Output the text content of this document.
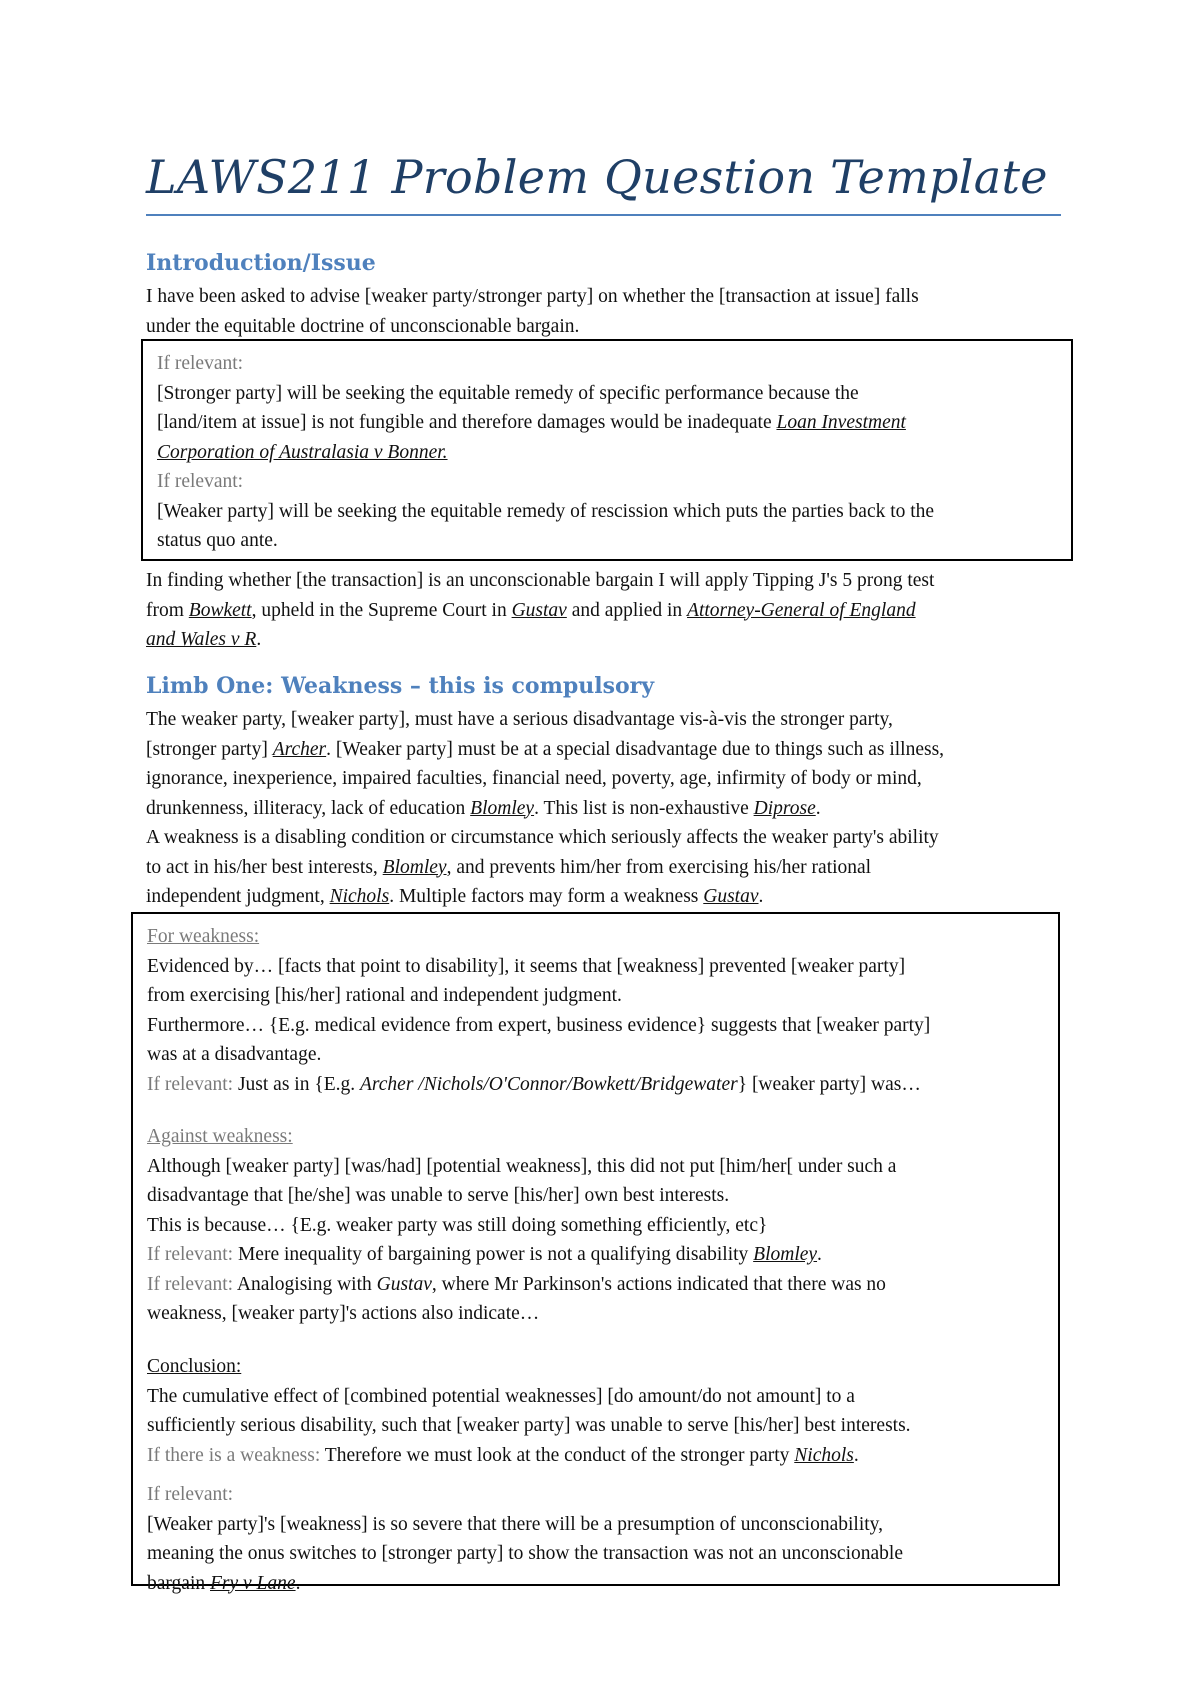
LAWS211 Problem Question Template
Introduction/Issue
I have been asked to advise [weaker party/stronger party] on whether the [transaction at issue] falls
under the equitable doctrine of unconscionable bargain.
If relevant:
[Stronger party] will be seeking the equitable remedy of specific performance because the
[land/item at issue] is not fungible and therefore damages would be inadequate Loan Investment
Corporation of Australasia v Bonner.
If relevant:
[Weaker party] will be seeking the equitable remedy of rescission which puts the parties back to the
status quo ante.
In finding whether [the transaction] is an unconscionable bargain I will apply Tipping J's 5 prong test
from Bowkett, upheld in the Supreme Court in Gustav and applied in Attorney-General of England
and Wales v R.
Limb One: Weakness – this is compulsory
The weaker party, [weaker party], must have a serious disadvantage vis-à-vis the stronger party,
[stronger party] Archer. [Weaker party] must be at a special disadvantage due to things such as illness,
ignorance, inexperience, impaired faculties, financial need, poverty, age, infirmity of body or mind,
drunkenness, illiteracy, lack of education Blomley. This list is non-exhaustive Diprose.
A weakness is a disabling condition or circumstance which seriously affects the weaker party's ability
to act in his/her best interests, Blomley, and prevents him/her from exercising his/her rational
independent judgment, Nichols. Multiple factors may form a weakness Gustav.
For weakness:
Evidenced by… [facts that point to disability], it seems that [weakness] prevented [weaker party]
from exercising [his/her] rational and independent judgment.
Furthermore… {E.g. medical evidence from expert, business evidence} suggests that [weaker party]
was at a disadvantage.
If relevant: Just as in {E.g. Archer /Nichols/O'Connor/Bowkett/Bridgewater} [weaker party] was…
Against weakness:
Although [weaker party] [was/had] [potential weakness], this did not put [him/her[ under such a
disadvantage that [he/she] was unable to serve [his/her] own best interests.
This is because… {E.g. weaker party was still doing something efficiently, etc}
If relevant: Mere inequality of bargaining power is not a qualifying disability Blomley.
If relevant: Analogising with Gustav, where Mr Parkinson's actions indicated that there was no
weakness, [weaker party]'s actions also indicate…
Conclusion:
The cumulative effect of [combined potential weaknesses] [do amount/do not amount] to a
sufficiently serious disability, such that [weaker party] was unable to serve [his/her] best interests.
If there is a weakness: Therefore we must look at the conduct of the stronger party Nichols.
If relevant:
[Weaker party]'s [weakness] is so severe that there will be a presumption of unconscionability,
meaning the onus switches to [stronger party] to show the transaction was not an unconscionable
bargain Fry v Lane.
